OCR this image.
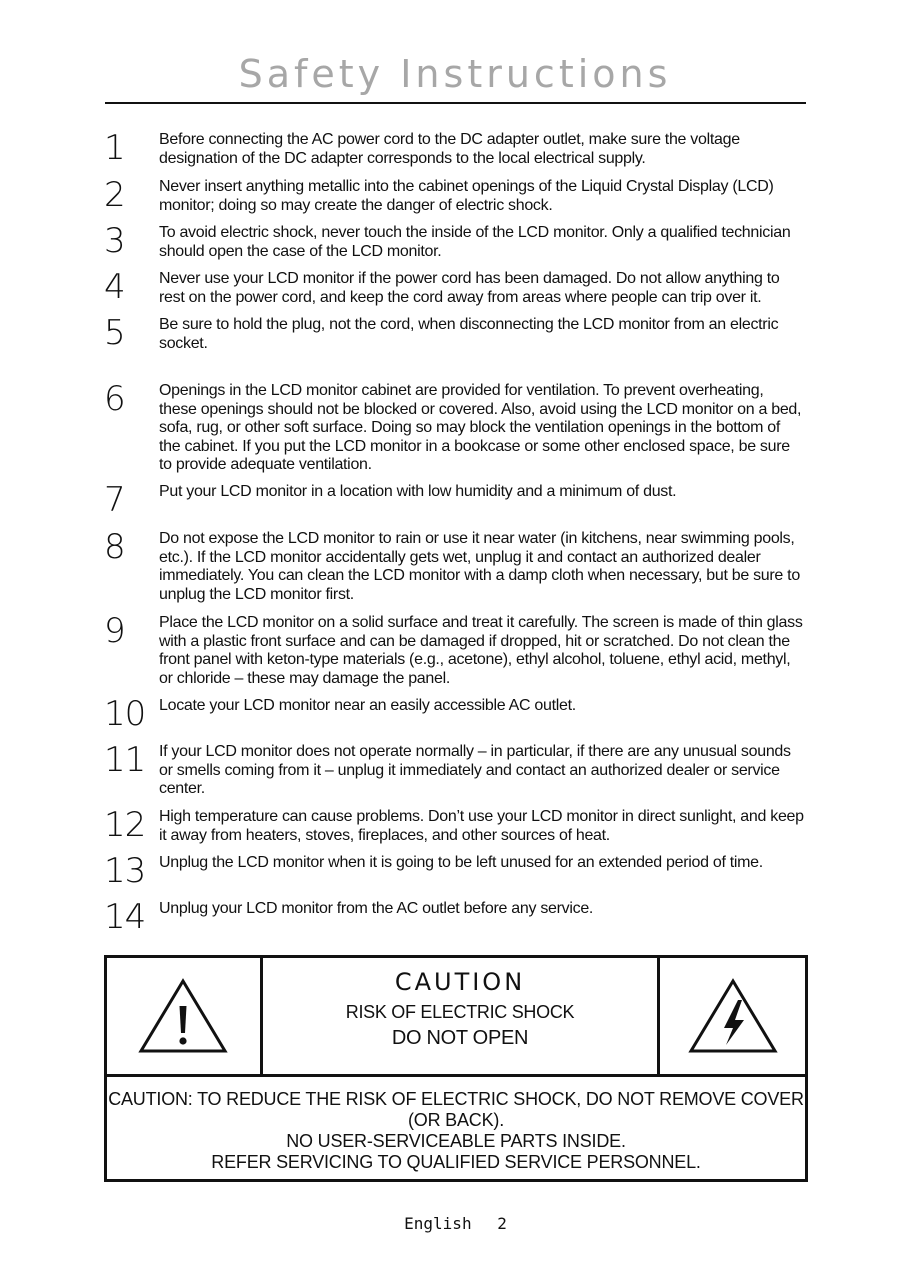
Safety Instructions
1	Before connecting the AC power cord to the DC adapter outlet, make sure the voltage designation of the DC adapter corresponds to the local electrical supply.
2	Never insert anything metallic into the cabinet openings of the Liquid Crystal Display (LCD) monitor; doing so may create the danger of electric shock.
3	To avoid electric shock, never touch the inside of the LCD monitor. Only a qualified technician should open the case of the LCD monitor.
4	Never use your LCD monitor if the power cord has been damaged. Do not allow anything to rest on the power cord, and keep the cord away from areas where people can trip over it.
5	Be sure to hold the plug, not the cord, when disconnecting the LCD monitor from an electric socket.
6	Openings in the LCD monitor cabinet are provided for ventilation. To prevent overheating, these openings should not be blocked or covered. Also, avoid using the LCD monitor on a bed, sofa, rug, or other soft surface. Doing so may block the ventilation openings in the bottom of the cabinet. If you put the LCD monitor in a bookcase or some other enclosed space, be sure to provide adequate ventilation.
7	Put your LCD monitor in a location with low humidity and a minimum of dust.
8	Do not expose the LCD monitor to rain or use it near water (in kitchens, near swimming pools, etc.). If the LCD monitor accidentally gets wet, unplug it and contact an authorized dealer immediately. You can clean the LCD monitor with a damp cloth when necessary, but be sure to unplug the LCD monitor first.
9	Place the LCD monitor on a solid surface and treat it carefully. The screen is made of thin glass with a plastic front surface and can be damaged if dropped, hit or scratched. Do not clean the front panel with keton-type materials (e.g., acetone), ethyl alcohol, toluene, ethyl acid, methyl, or chloride – these may damage the panel.
10 Locate your LCD monitor near an easily accessible AC outlet.
11 If your LCD monitor does not operate normally – in particular, if there are any unusual sounds or smells coming from it – unplug it immediately and contact an authorized dealer or service center.
12 High temperature can cause problems. Don’t use your LCD monitor in direct sunlight, and keep it away from heaters, stoves, fireplaces, and other sources of heat.
13 Unplug the LCD monitor when it is going to be left unused for an extended period of time.
14 Unplug your LCD monitor from the AC outlet before any service.
CAUTION
RISK OF ELECTRIC SHOCK
DO NOT OPEN
CAUTION: TO REDUCE THE RISK OF ELECTRIC SHOCK, DO NOT REMOVE COVER
(OR BACK).
NO USER-SERVICEABLE PARTS INSIDE.
REFER SERVICING TO QUALIFIED SERVICE PERSONNEL.
English 2
